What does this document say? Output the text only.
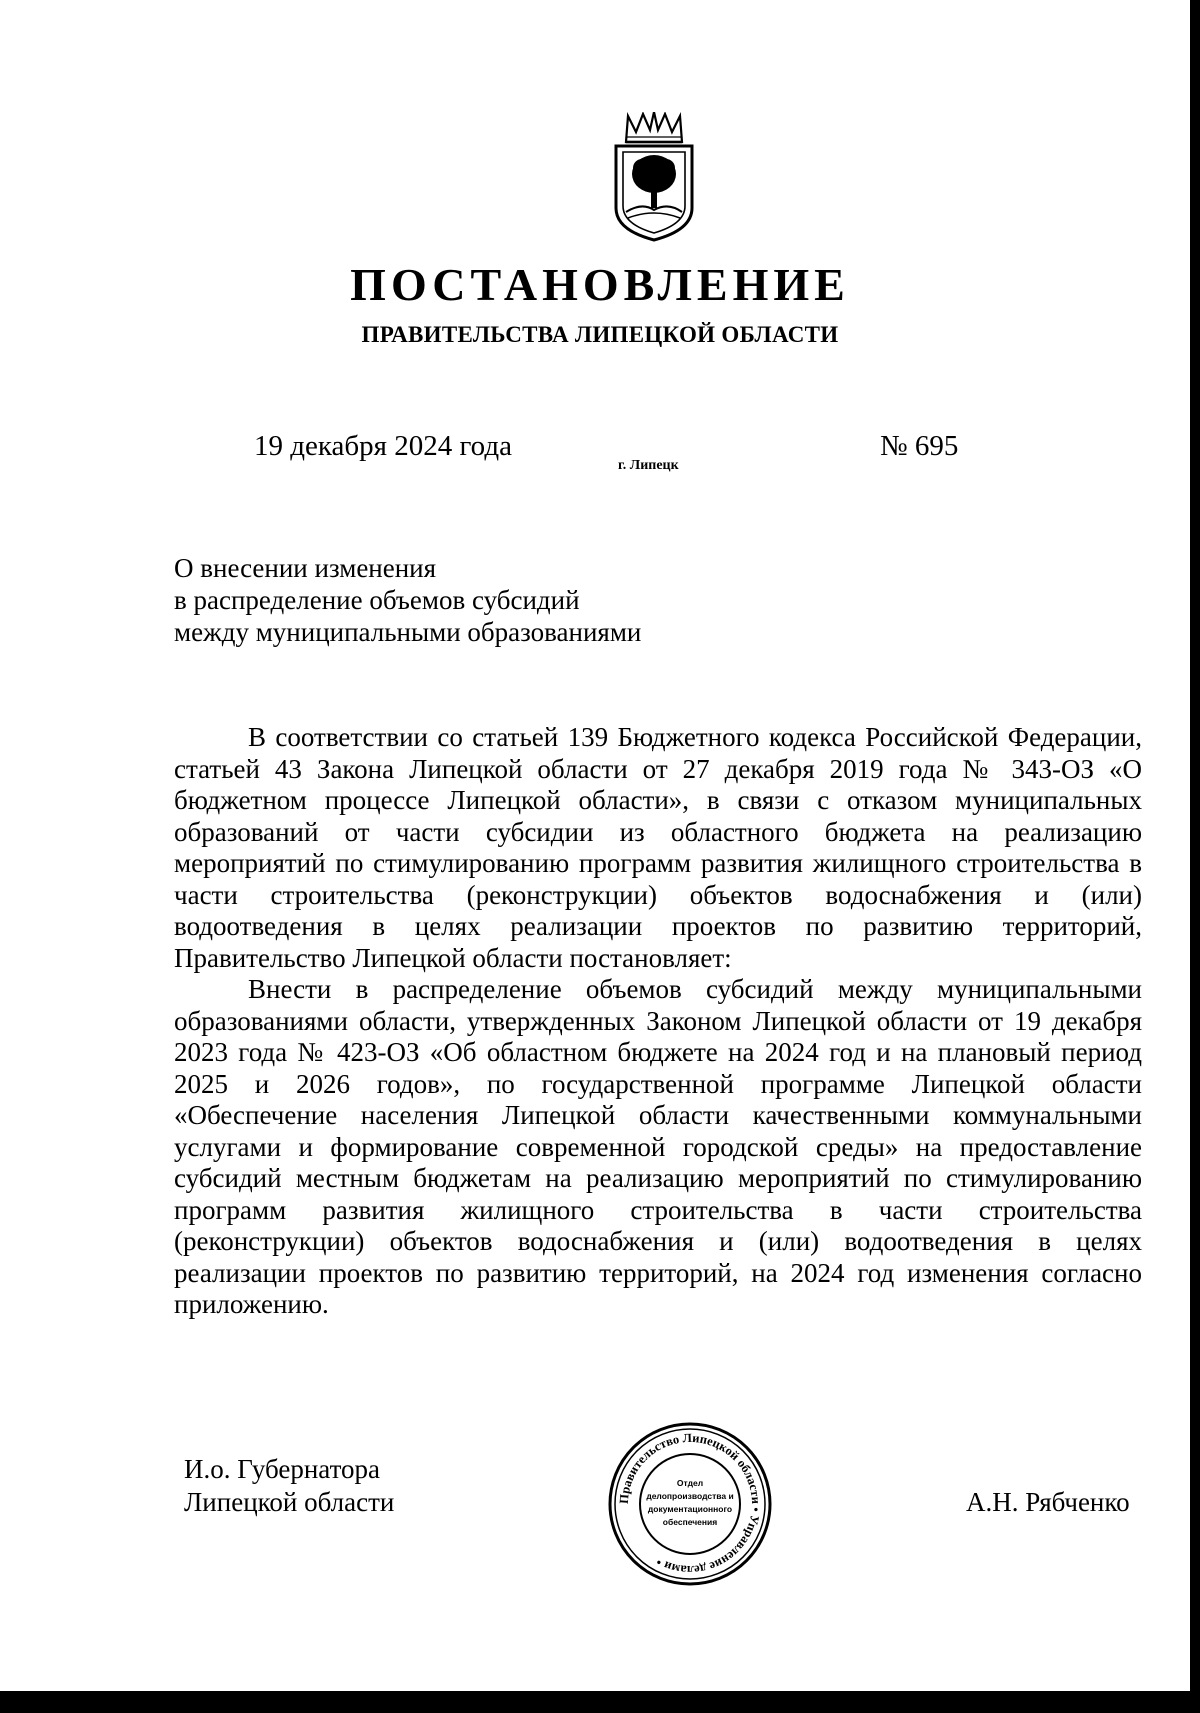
ПОСТАНОВЛЕНИЕ
ПРАВИТЕЛЬСТВА ЛИПЕЦКОЙ ОБЛАСТИ
19 декабря 2024 года
г. Липецк
№ 695
О внесении изменения
в распределение объемов субсидий
между муниципальными образованиями

В соответствии со статьей 139 Бюджетного кодекса Российской Федерации, статьей 43 Закона Липецкой области от 27 декабря 2019 года № 343-ОЗ «О бюджетном процессе Липецкой области», в связи с отказом муниципальных образований от части субсидии из областного бюджета на реализацию мероприятий по стимулированию программ развития жилищного строительства в части строительства (реконструкции) объектов водоснабжения и (или) водоотведения в целях реализации проектов по развитию территорий, Правительство Липецкой области постановляет:

Внести в распределение объемов субсидий между муниципальными образованиями области, утвержденных Законом Липецкой области от 19 декабря 2023 года № 423-ОЗ «Об областном бюджете на 2024 год и на плановый период 2025 и 2026 годов», по государственной программе Липецкой области «Обеспечение населения Липецкой области качественными коммунальными услугами и формирование современной городской среды» на предоставление субсидий местным бюджетам на реализацию мероприятий по стимулированию программ развития жилищного строительства в части строительства (реконструкции) объектов водоснабжения и (или) водоотведения в целях реализации проектов по развитию территорий, на 2024 год изменения согласно приложению.

И.о. Губернатора
Липецкой области	А.Н. Рябченко
Правительство Липецкой области • Управление делами •
Отдел
делопроизводства и
документационного
обеспечения
